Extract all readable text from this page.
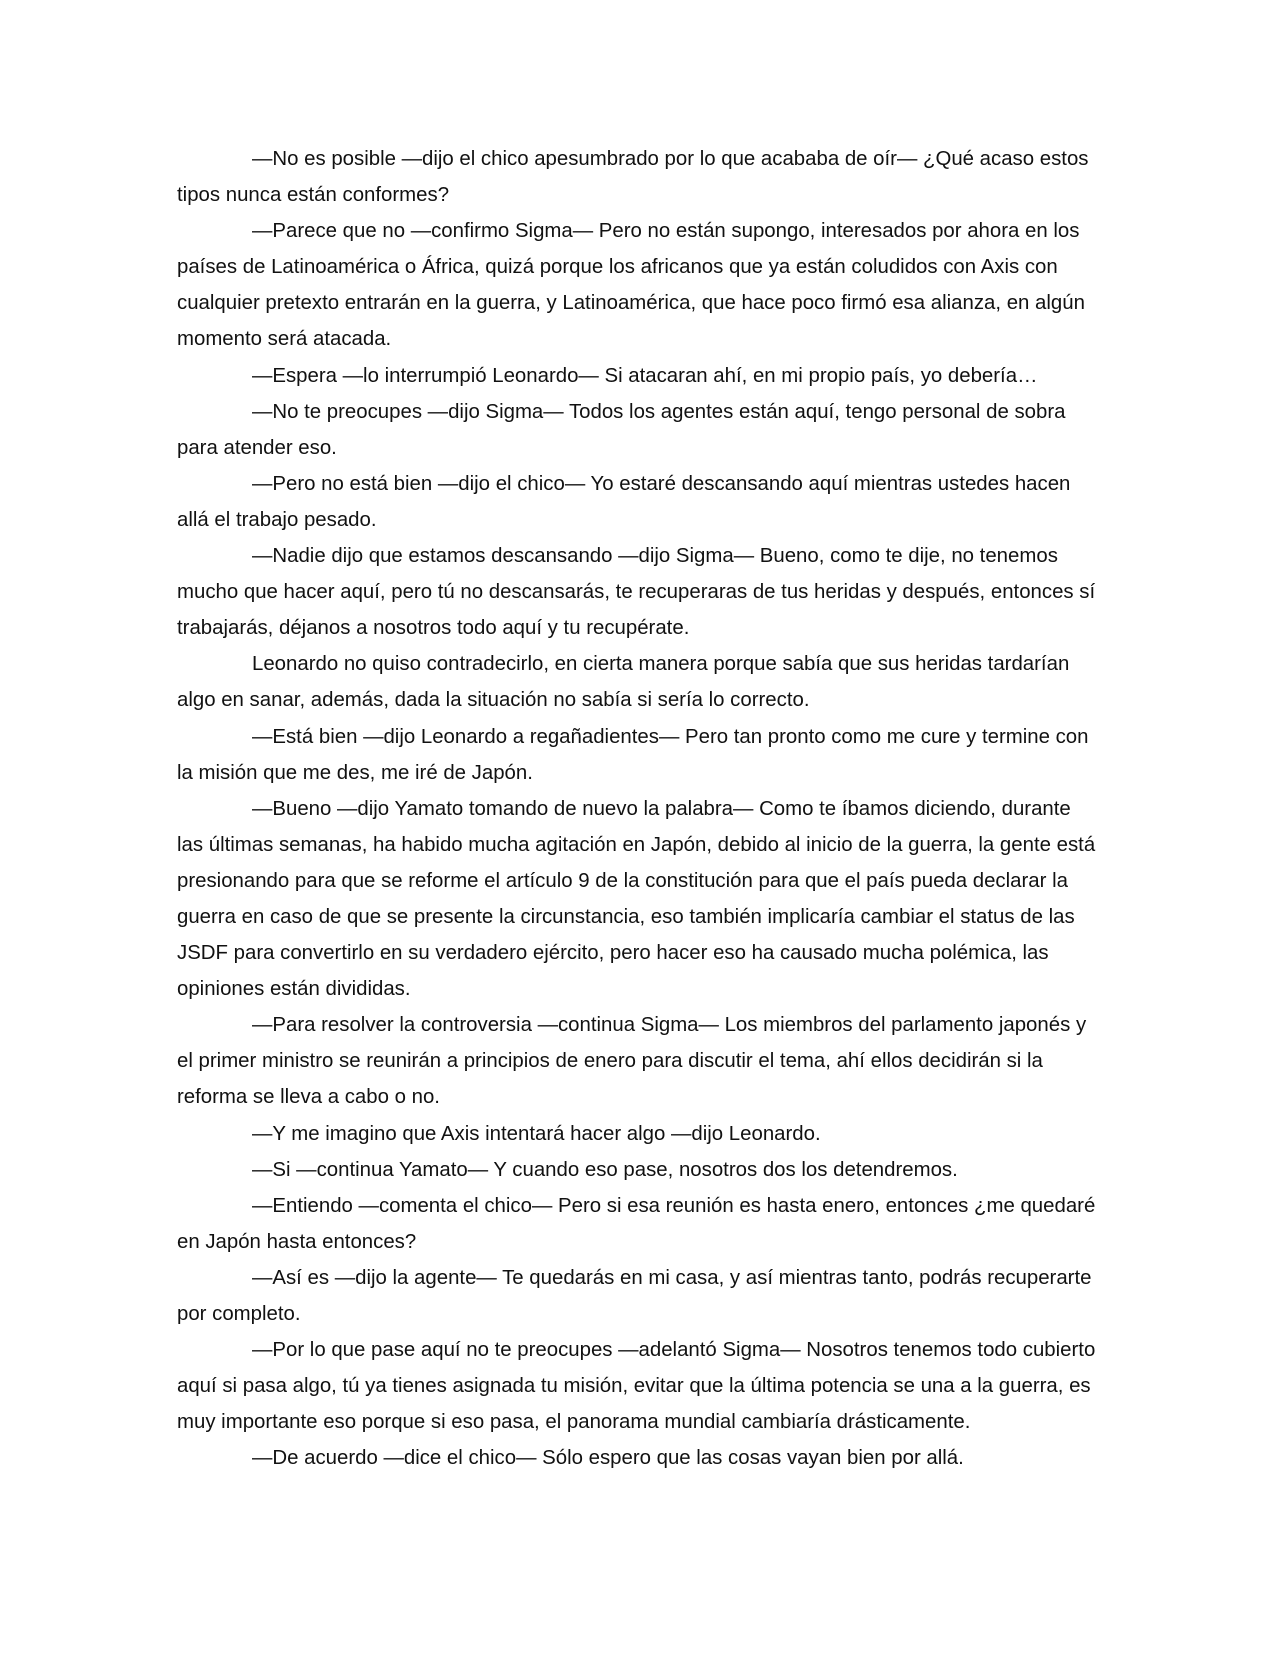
—No es posible —dijo el chico apesumbrado por lo que acababa de oír— ¿Qué acaso estos tipos nunca están conformes?

—Parece que no —confirmo Sigma— Pero no están supongo, interesados por ahora en los países de Latinoamérica o África, quizá porque los africanos que ya están coludidos con Axis con cualquier pretexto entrarán en la guerra, y Latinoamérica, que hace poco firmó esa alianza, en algún momento será atacada.

—Espera —lo interrumpió Leonardo— Si atacaran ahí, en mi propio país, yo debería…

—No te preocupes —dijo Sigma— Todos los agentes están aquí, tengo personal de sobra para atender eso.

—Pero no está bien —dijo el chico— Yo estaré descansando aquí mientras ustedes hacen allá el trabajo pesado.

—Nadie dijo que estamos descansando —dijo Sigma— Bueno, como te dije, no tenemos mucho que hacer aquí, pero tú no descansarás, te recuperaras de tus heridas y después, entonces sí trabajarás, déjanos a nosotros todo aquí y tu recupérate.

Leonardo no quiso contradecirlo, en cierta manera porque sabía que sus heridas tardarían algo en sanar, además, dada la situación no sabía si sería lo correcto.

—Está bien —dijo Leonardo a regañadientes— Pero tan pronto como me cure y termine con la misión que me des, me iré de Japón.

—Bueno —dijo Yamato tomando de nuevo la palabra— Como te íbamos diciendo, durante las últimas semanas, ha habido mucha agitación en Japón, debido al inicio de la guerra, la gente está presionando para que se reforme el artículo 9 de la constitución para que el país pueda declarar la guerra en caso de que se presente la circunstancia, eso también implicaría cambiar el status de las JSDF para convertirlo en su verdadero ejército, pero hacer eso ha causado mucha polémica, las opiniones están divididas.

—Para resolver la controversia —continua Sigma— Los miembros del parlamento japonés y el primer ministro se reunirán a principios de enero para discutir el tema, ahí ellos decidirán si la reforma se lleva a cabo o no.

—Y me imagino que Axis intentará hacer algo —dijo Leonardo.

—Si —continua Yamato— Y cuando eso pase, nosotros dos los detendremos.

—Entiendo —comenta el chico— Pero si esa reunión es hasta enero, entonces ¿me quedaré en Japón hasta entonces?

—Así es —dijo la agente— Te quedarás en mi casa, y así mientras tanto, podrás recuperarte por completo.

—Por lo que pase aquí no te preocupes —adelantó Sigma— Nosotros tenemos todo cubierto aquí si pasa algo, tú ya tienes asignada tu misión, evitar que la última potencia se una a la guerra, es muy importante eso porque si eso pasa, el panorama mundial cambiaría drásticamente.

—De acuerdo —dice el chico— Sólo espero que las cosas vayan bien por allá.
